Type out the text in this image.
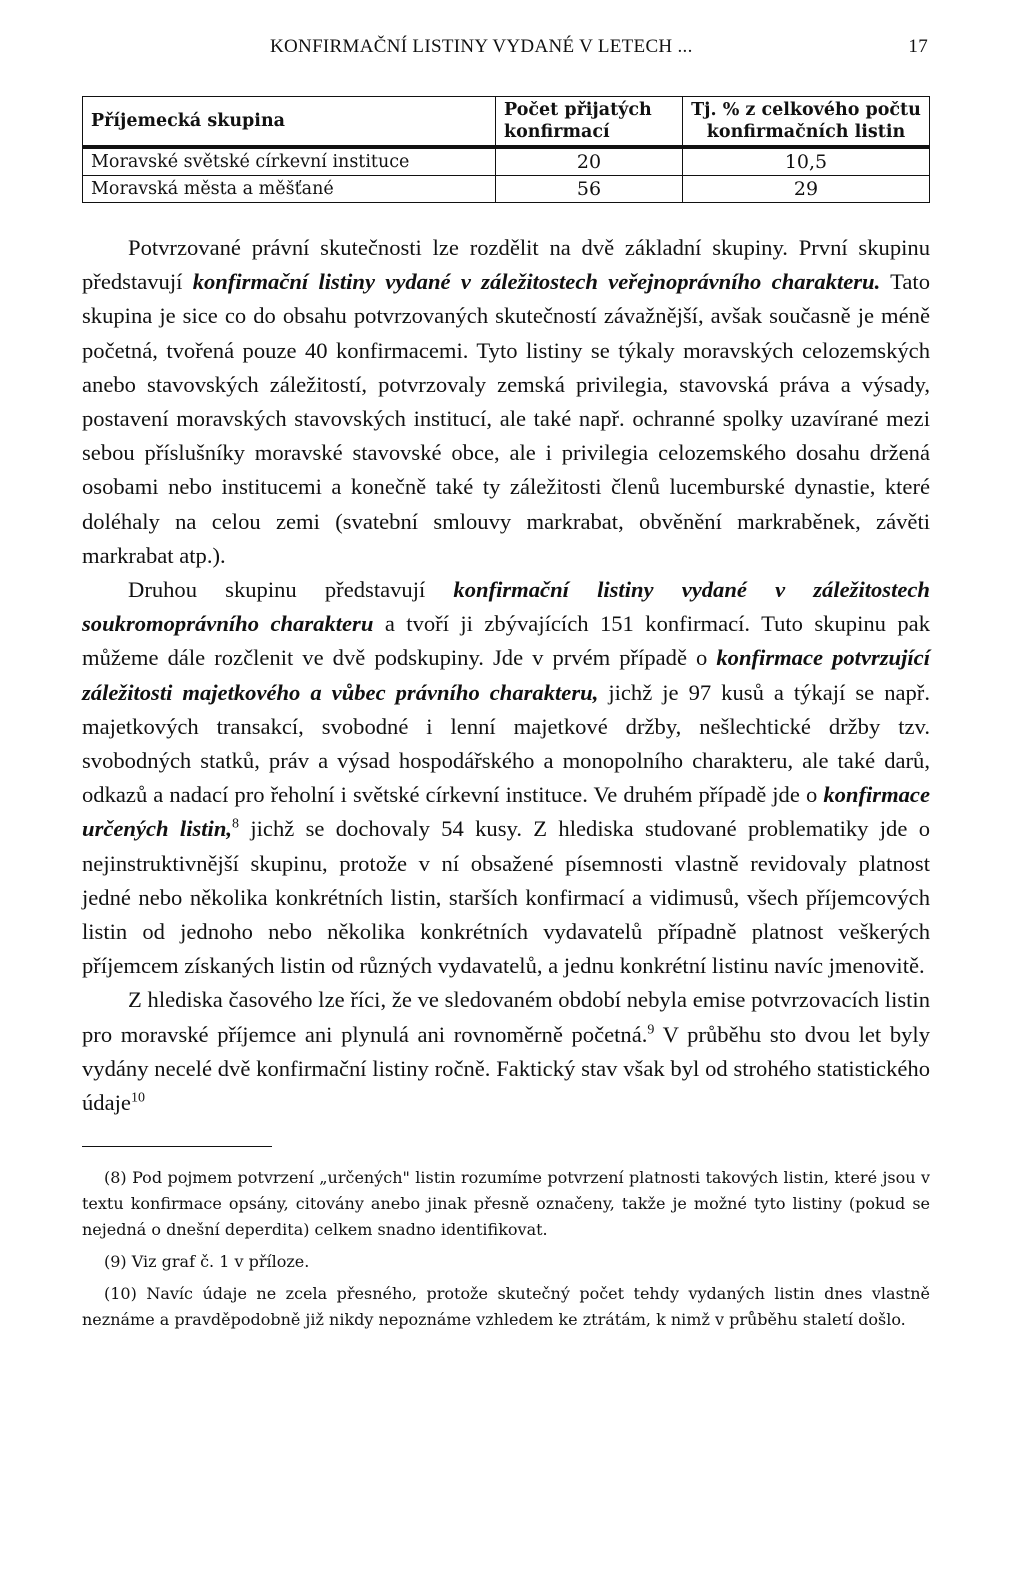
KONFIRMAČNÍ LISTINY VYDANÉ V LETECH ...	17
Příjemecká skupina	Počet přijatých konfirmací	Tj. % z celkového počtu konfirmačních listin
Moravské světské církevní instituce	20	10,5
Moravská města a měšťané	56	29

Potvrzované právní skutečnosti lze rozdělit na dvě základní skupiny. První skupinu představují konfirmační listiny vydané v záležitostech veřejnoprávního charakteru. Tato skupina je sice co do obsahu potvrzovaných skutečností závažnější, avšak současně je méně početná, tvořená pouze 40 konfirmacemi. Tyto listiny se týkaly moravských celozemských anebo stavovských záležitostí, potvrzovaly zemská privilegia, stavovská práva a výsady, postavení moravských stavovských institucí, ale také např. ochranné spolky uzavírané mezi sebou příslušníky moravské stavovské obce, ale i privilegia celozemského dosahu držená osobami nebo institucemi a konečně také ty záležitosti členů lucemburské dynastie, které doléhaly na celou zemi (svatební smlouvy markrabat, obvěnění markraběnek, závěti markrabat atp.).

Druhou skupinu představují konfirmační listiny vydané v záležitostech soukromoprávního charakteru a tvoří ji zbývajících 151 konfirmací. Tuto skupinu pak můžeme dále rozčlenit ve dvě podskupiny. Jde v prvém případě o konfirmace potvrzující záležitosti majetkového a vůbec právního charakteru, jichž je 97 kusů a týkají se např. majetkových transakcí, svobodné i lenní majetkové držby, nešlechtické držby tzv. svobodných statků, práv a výsad hospodářského a monopolního charakteru, ale také darů, odkazů a nadací pro řeholní i světské církevní instituce. Ve druhém případě jde o konfirmace určených listin,$^8$ jichž se dochovaly 54 kusy. Z hlediska studované problematiky jde o nejinstruktivnější skupinu, protože v ní obsažené písemnosti vlastně revidovaly platnost jedné nebo několika konkrétních listin, starších konfirmací a vidimusů, všech příjemcových listin od jednoho nebo několika konkrétních vydavatelů případně platnost veškerých příjemcem získaných listin od různých vydavatelů, a jednu konkrétní listinu navíc jmenovitě.

Z hlediska časového lze říci, že ve sledovaném období nebyla emise potvrzovacích listin pro moravské příjemce ani plynulá ani rovnoměrně početná.$^9$ V průběhu sto dvou let byly vydány necelé dvě konfirmační listiny ročně. Faktický stav však byl od strohého statistického údaje$^{10}$

(8) Pod pojmem potvrzení „určených" listin rozumíme potvrzení platnosti takových listin, které jsou v textu konfirmace opsány, citovány anebo jinak přesně označeny, takže je možné tyto listiny (pokud se nejedná o dnešní deperdita) celkem snadno identifikovat.

(9) Viz graf č. 1 v příloze.

(10) Navíc údaje ne zcela přesného, protože skutečný počet tehdy vydaných listin dnes vlastně neznáme a pravděpodobně již nikdy nepoznáme vzhledem ke ztrátám, k nimž v průběhu staletí došlo.
